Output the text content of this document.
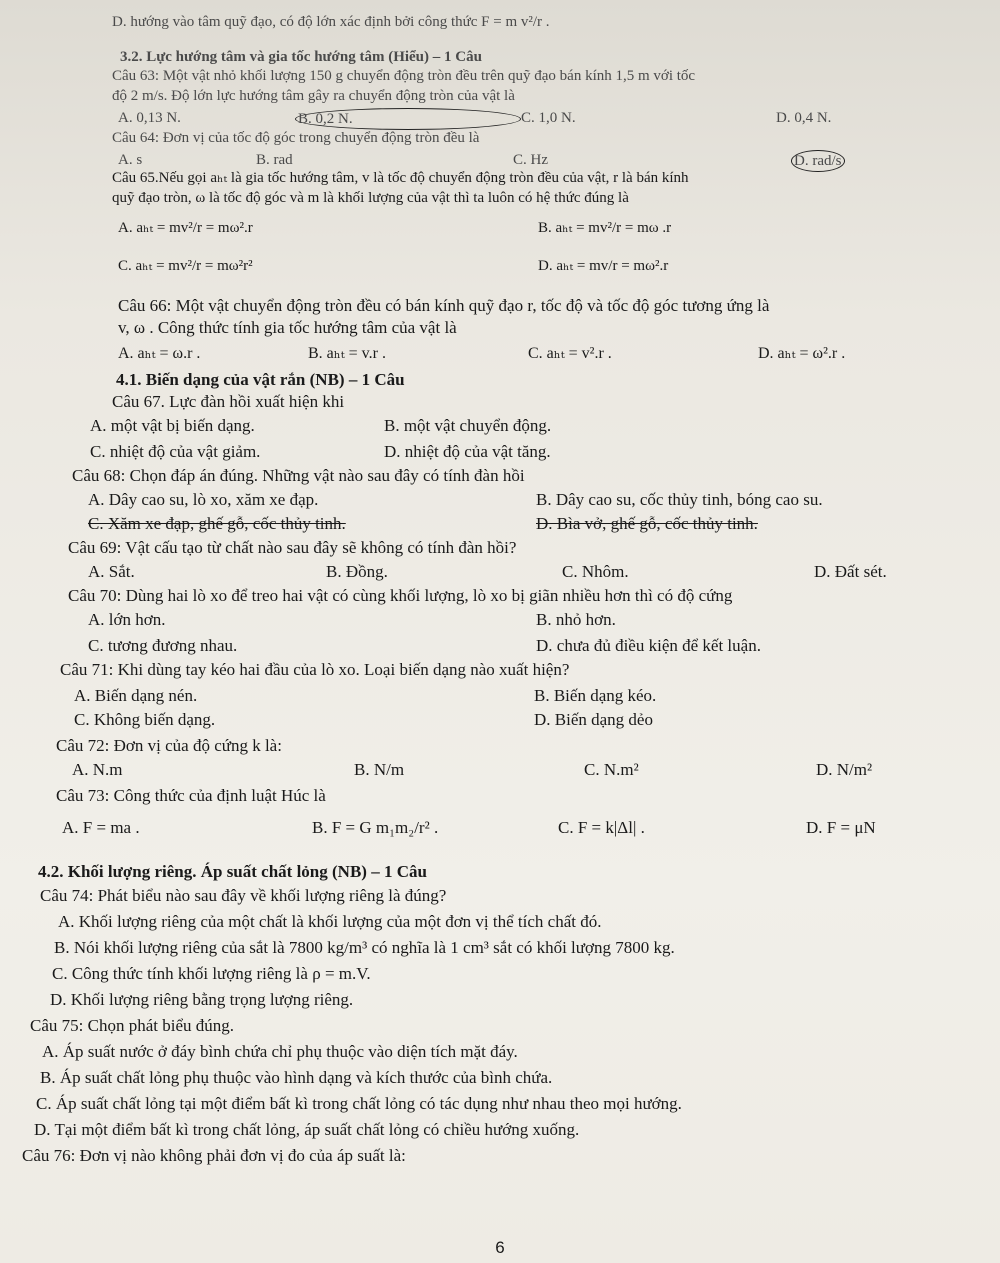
D. hướng vào tâm quỹ đạo, có độ lớn xác định bởi công thức F = m v²/r .
3.2. Lực hướng tâm và gia tốc hướng tâm (Hiểu) – 1 Câu
Câu 63: Một vật nhỏ khối lượng 150 g chuyển động tròn đều trên quỹ đạo bán kính 1,5 m với tốc
độ 2 m/s. Độ lớn lực hướng tâm gây ra chuyển động tròn của vật là
A. 0,13 N.	B. 0,2 N.	C. 1,0 N.	D. 0,4 N.
Câu 64: Đơn vị của tốc độ góc trong chuyển động tròn đều là
A. s	B. rad	C. Hz	D. rad/s
Câu 65.Nếu gọi aₕₜ là gia tốc hướng tâm, v là tốc độ chuyển động tròn đều của vật, r là bán kính
quỹ đạo tròn, ω là tốc độ góc và m là khối lượng của vật thì ta luôn có hệ thức đúng là
A. aₕₜ = mv²/r = mω².r	B. aₕₜ = mv²/r = mω .r
C. aₕₜ = mv²/r = mω²r²	D. aₕₜ = mv/r = mω².r
Câu 66: Một vật chuyển động tròn đều có bán kính quỹ đạo r, tốc độ và tốc độ góc tương ứng là
v, ω . Công thức tính gia tốc hướng tâm của vật là
A. aₕₜ = ω.r .	B. aₕₜ = v.r .	C. aₕₜ = v².r .	D. aₕₜ = ω².r .
4.1. Biến dạng của vật rắn (NB) – 1 Câu
Câu 67. Lực đàn hồi xuất hiện khi
A. một vật bị biến dạng.	B. một vật chuyển động.
C. nhiệt độ của vật giảm.	D. nhiệt độ của vật tăng.
Câu 68: Chọn đáp án đúng. Những vật nào sau đây có tính đàn hồi
A. Dây cao su, lò xo, xăm xe đạp.	B. Dây cao su, cốc thủy tinh, bóng cao su.
C. Xăm xe đạp, ghế gỗ, cốc thủy tinh.	D. Bìa vở, ghế gỗ, cốc thủy tinh.
Câu 69: Vật cấu tạo từ chất nào sau đây sẽ không có tính đàn hồi?
A. Sắt.	B. Đồng.	C. Nhôm.	D. Đất sét.
Câu 70: Dùng hai lò xo để treo hai vật có cùng khối lượng, lò xo bị giãn nhiều hơn thì có độ cứng
A. lớn hơn.	B. nhỏ hơn.
C. tương đương nhau.	D. chưa đủ điều kiện để kết luận.
Câu 71: Khi dùng tay kéo hai đầu của lò xo. Loại biến dạng nào xuất hiện?
A. Biến dạng nén.	B. Biến dạng kéo.
C. Không biến dạng.	D. Biến dạng dẻo
Câu 72: Đơn vị của độ cứng k là:
A. N.m	B. N/m	C. N.m²	D. N/m²
Câu 73: Công thức của định luật Húc là
A. F = ma .	B. F = G m₁m₂/r² .	C. F = k|Δl| .	D. F = μN
4.2. Khối lượng riêng. Áp suất chất lỏng (NB) – 1 Câu
Câu 74: Phát biểu nào sau đây về khối lượng riêng là đúng?
A. Khối lượng riêng của một chất là khối lượng của một đơn vị thể tích chất đó.
B. Nói khối lượng riêng của sắt là 7800 kg/m³ có nghĩa là 1 cm³ sắt có khối lượng 7800 kg.
C. Công thức tính khối lượng riêng là ρ = m.V.
D. Khối lượng riêng bằng trọng lượng riêng.
Câu 75: Chọn phát biểu đúng.
A. Áp suất nước ở đáy bình chứa chỉ phụ thuộc vào diện tích mặt đáy.
B. Áp suất chất lỏng phụ thuộc vào hình dạng và kích thước của bình chứa.
C. Áp suất chất lỏng tại một điểm bất kì trong chất lỏng có tác dụng như nhau theo mọi hướng.
D. Tại một điểm bất kì trong chất lỏng, áp suất chất lỏng có chiều hướng xuống.
Câu 76: Đơn vị nào không phải đơn vị đo của áp suất là:
6
